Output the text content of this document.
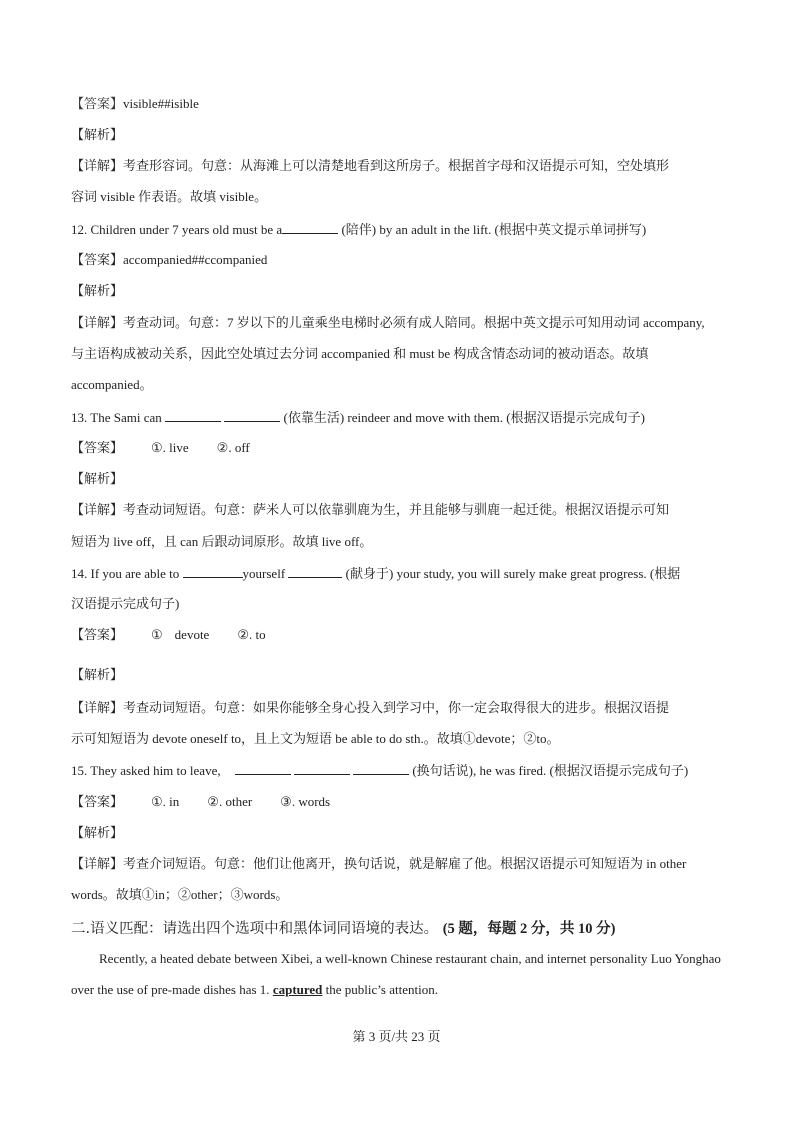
【答案】visible##isible
【解析】
【详解】考查形容词。句意：从海滩上可以清楚地看到这所房子。根据首字母和汉语提示可知，空处填形
容词 visible 作表语。故填 visible。
12. Children under 7 years old must be a	(陪伴) by an adult in the lift. (根据中英文提示单词拼写)
【答案】accompanied##ccompanied
【解析】
【详解】考查动词。句意：7 岁以下的儿童乘坐电梯时必须有成人陪同。根据中英文提示可知用动词 accompany,
与主语构成被动关系，因此空处填过去分词 accompanied 和 must be 构成含情态动词的被动语态。故填
accompanied。
13. The Sami can	(依靠生活) reindeer and move with them. (根据汉语提示完成句子)
【答案】 ①. live ②. off
【解析】
【详解】考查动词短语。句意：萨米人可以依靠驯鹿为生，并且能够与驯鹿一起迁徙。根据汉语提示可知
短语为 live off，且 can 后跟动词原形。故填 live off。
14. If you are able to	yourself	(献身于) your study, you will surely make great progress. (根据
汉语提示完成句子)
【答案】 ① devote ②. to
【解析】
【详解】考查动词短语。句意：如果你能够全身心投入到学习中，你一定会取得很大的进步。根据汉语提
示可知短语为 devote oneself to，且上文为短语 be able to do sth.。故填①devote；②to。
15. They asked him to leave,	(换句话说), he was fired. (根据汉语提示完成句子)
【答案】 ①. in ②. other ③. words
【解析】
【详解】考查介词短语。句意：他们让他离开，换句话说，就是解雇了他。根据汉语提示可知短语为 in other
words。故填①in；②other；③words。
二.语义匹配：请选出四个选项中和黑体词同语境的表达。 (5 题，每题 2 分，共 10 分)
Recently, a heated debate between Xibei, a well-known Chinese restaurant chain, and internet personality Luo Yonghao over the use of pre-made dishes has 1. captured the public’s attention.
第 3 页/共 23 页
